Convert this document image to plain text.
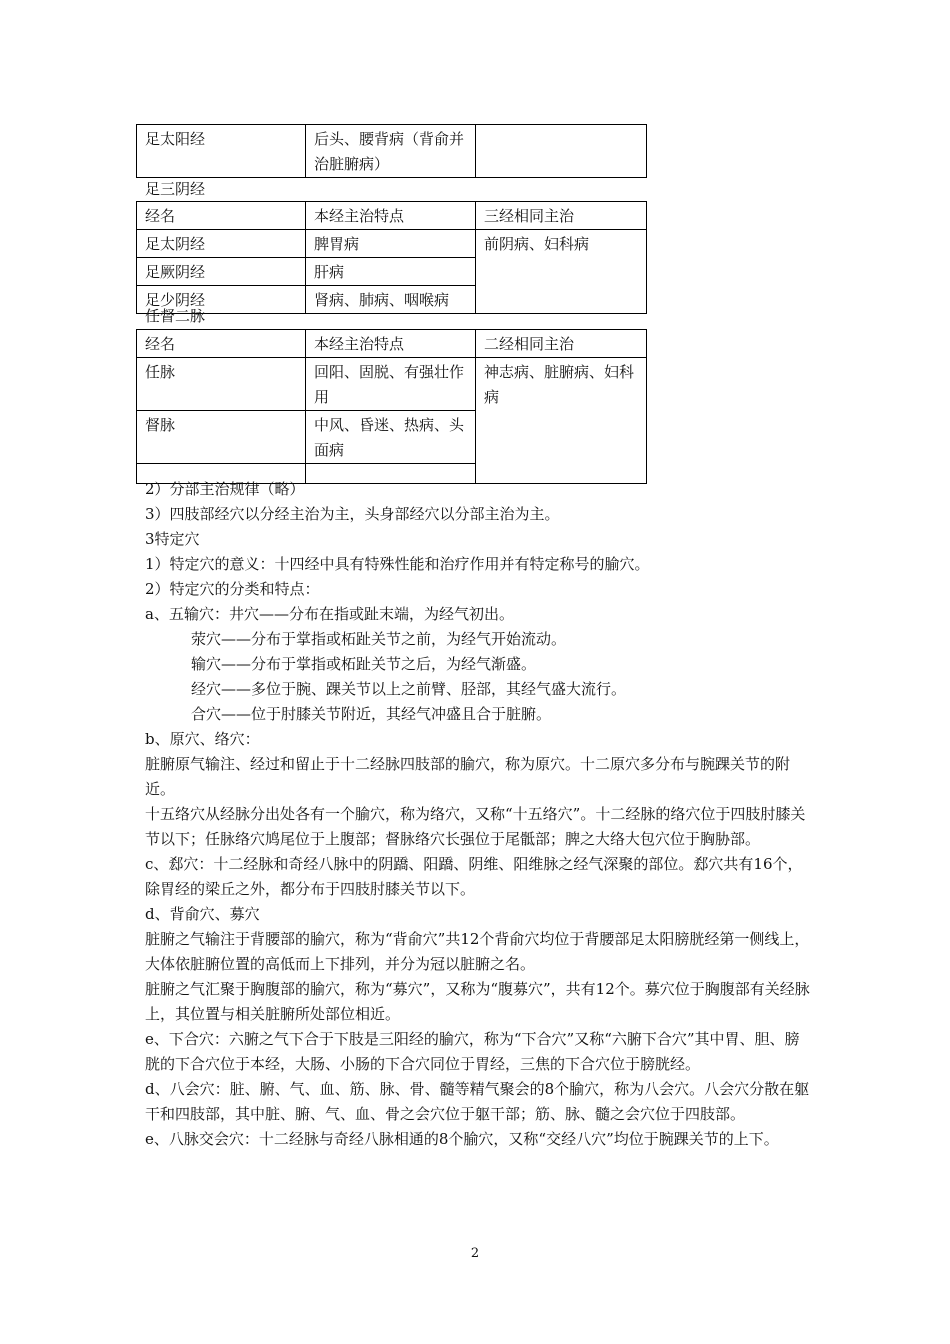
足太阳经	后头、腰背病（背俞并治脏腑病）	
足三阴经
经名	本经主治特点	三经相同主治
足太阴经	脾胃病	前阴病、妇科病
足厥阴经	肝病	
足少阴经	肾病、肺病、咽喉病	
任督二脉
经名	本经主治特点	二经相同主治
任脉	回阳、固脱、有强壮作用	神志病、脏腑病、妇科病
督脉	中风、昏迷、热病、头面病	

2）分部主治规律（略）

3）四肢部经穴以分经主治为主，头身部经穴以分部主治为主。

3特定穴

1）特定穴的意义：十四经中具有特殊性能和治疗作用并有特定称号的腧穴。

2）特定穴的分类和特点：

a、五输穴：井穴——分布在指或趾末端，为经气初出。

荥穴——分布于掌指或柘趾关节之前，为经气开始流动。

输穴——分布于掌指或柘趾关节之后，为经气渐盛。

经穴——多位于腕、踝关节以上之前臂、胫部，其经气盛大流行。

合穴——位于肘膝关节附近，其经气冲盛且合于脏腑。

b、原穴、络穴：

脏腑原气输注、经过和留止于十二经脉四肢部的腧穴，称为原穴。十二原穴多分布与腕踝关节的附近。

十五络穴从经脉分出处各有一个腧穴，称为络穴，又称“十五络穴”。十二经脉的络穴位于四肢肘膝关节以下；任脉络穴鸠尾位于上腹部；督脉络穴长强位于尾骶部；脾之大络大包穴位于胸胁部。

c、郄穴：十二经脉和奇经八脉中的阴蹻、阳蹻、阴维、阳维脉之经气深聚的部位。郄穴共有16个，除胃经的梁丘之外，都分布于四肢肘膝关节以下。

d、背俞穴、募穴

脏腑之气输注于背腰部的腧穴，称为“背俞穴”共12个背俞穴均位于背腰部足太阳膀胱经第一侧线上，大体依脏腑位置的高低而上下排列，并分为冠以脏腑之名。

脏腑之气汇聚于胸腹部的腧穴，称为“募穴”，又称为“腹募穴”，共有12个。募穴位于胸腹部有关经脉上，其位置与相关脏腑所处部位相近。

e、下合穴：六腑之气下合于下肢是三阳经的腧穴，称为“下合穴”又称“六腑下合穴”其中胃、胆、膀胱的下合穴位于本经，大肠、小肠的下合穴同位于胃经，三焦的下合穴位于膀胱经。

d、八会穴：脏、腑、气、血、筋、脉、骨、髓等精气聚会的8个腧穴，称为八会穴。八会穴分散在躯干和四肢部，其中脏、腑、气、血、骨之会穴位于躯干部；筋、脉、髓之会穴位于四肢部。

e、八脉交会穴：十二经脉与奇经八脉相通的8个腧穴，又称“交经八穴”均位于腕踝关节的上下。

2
